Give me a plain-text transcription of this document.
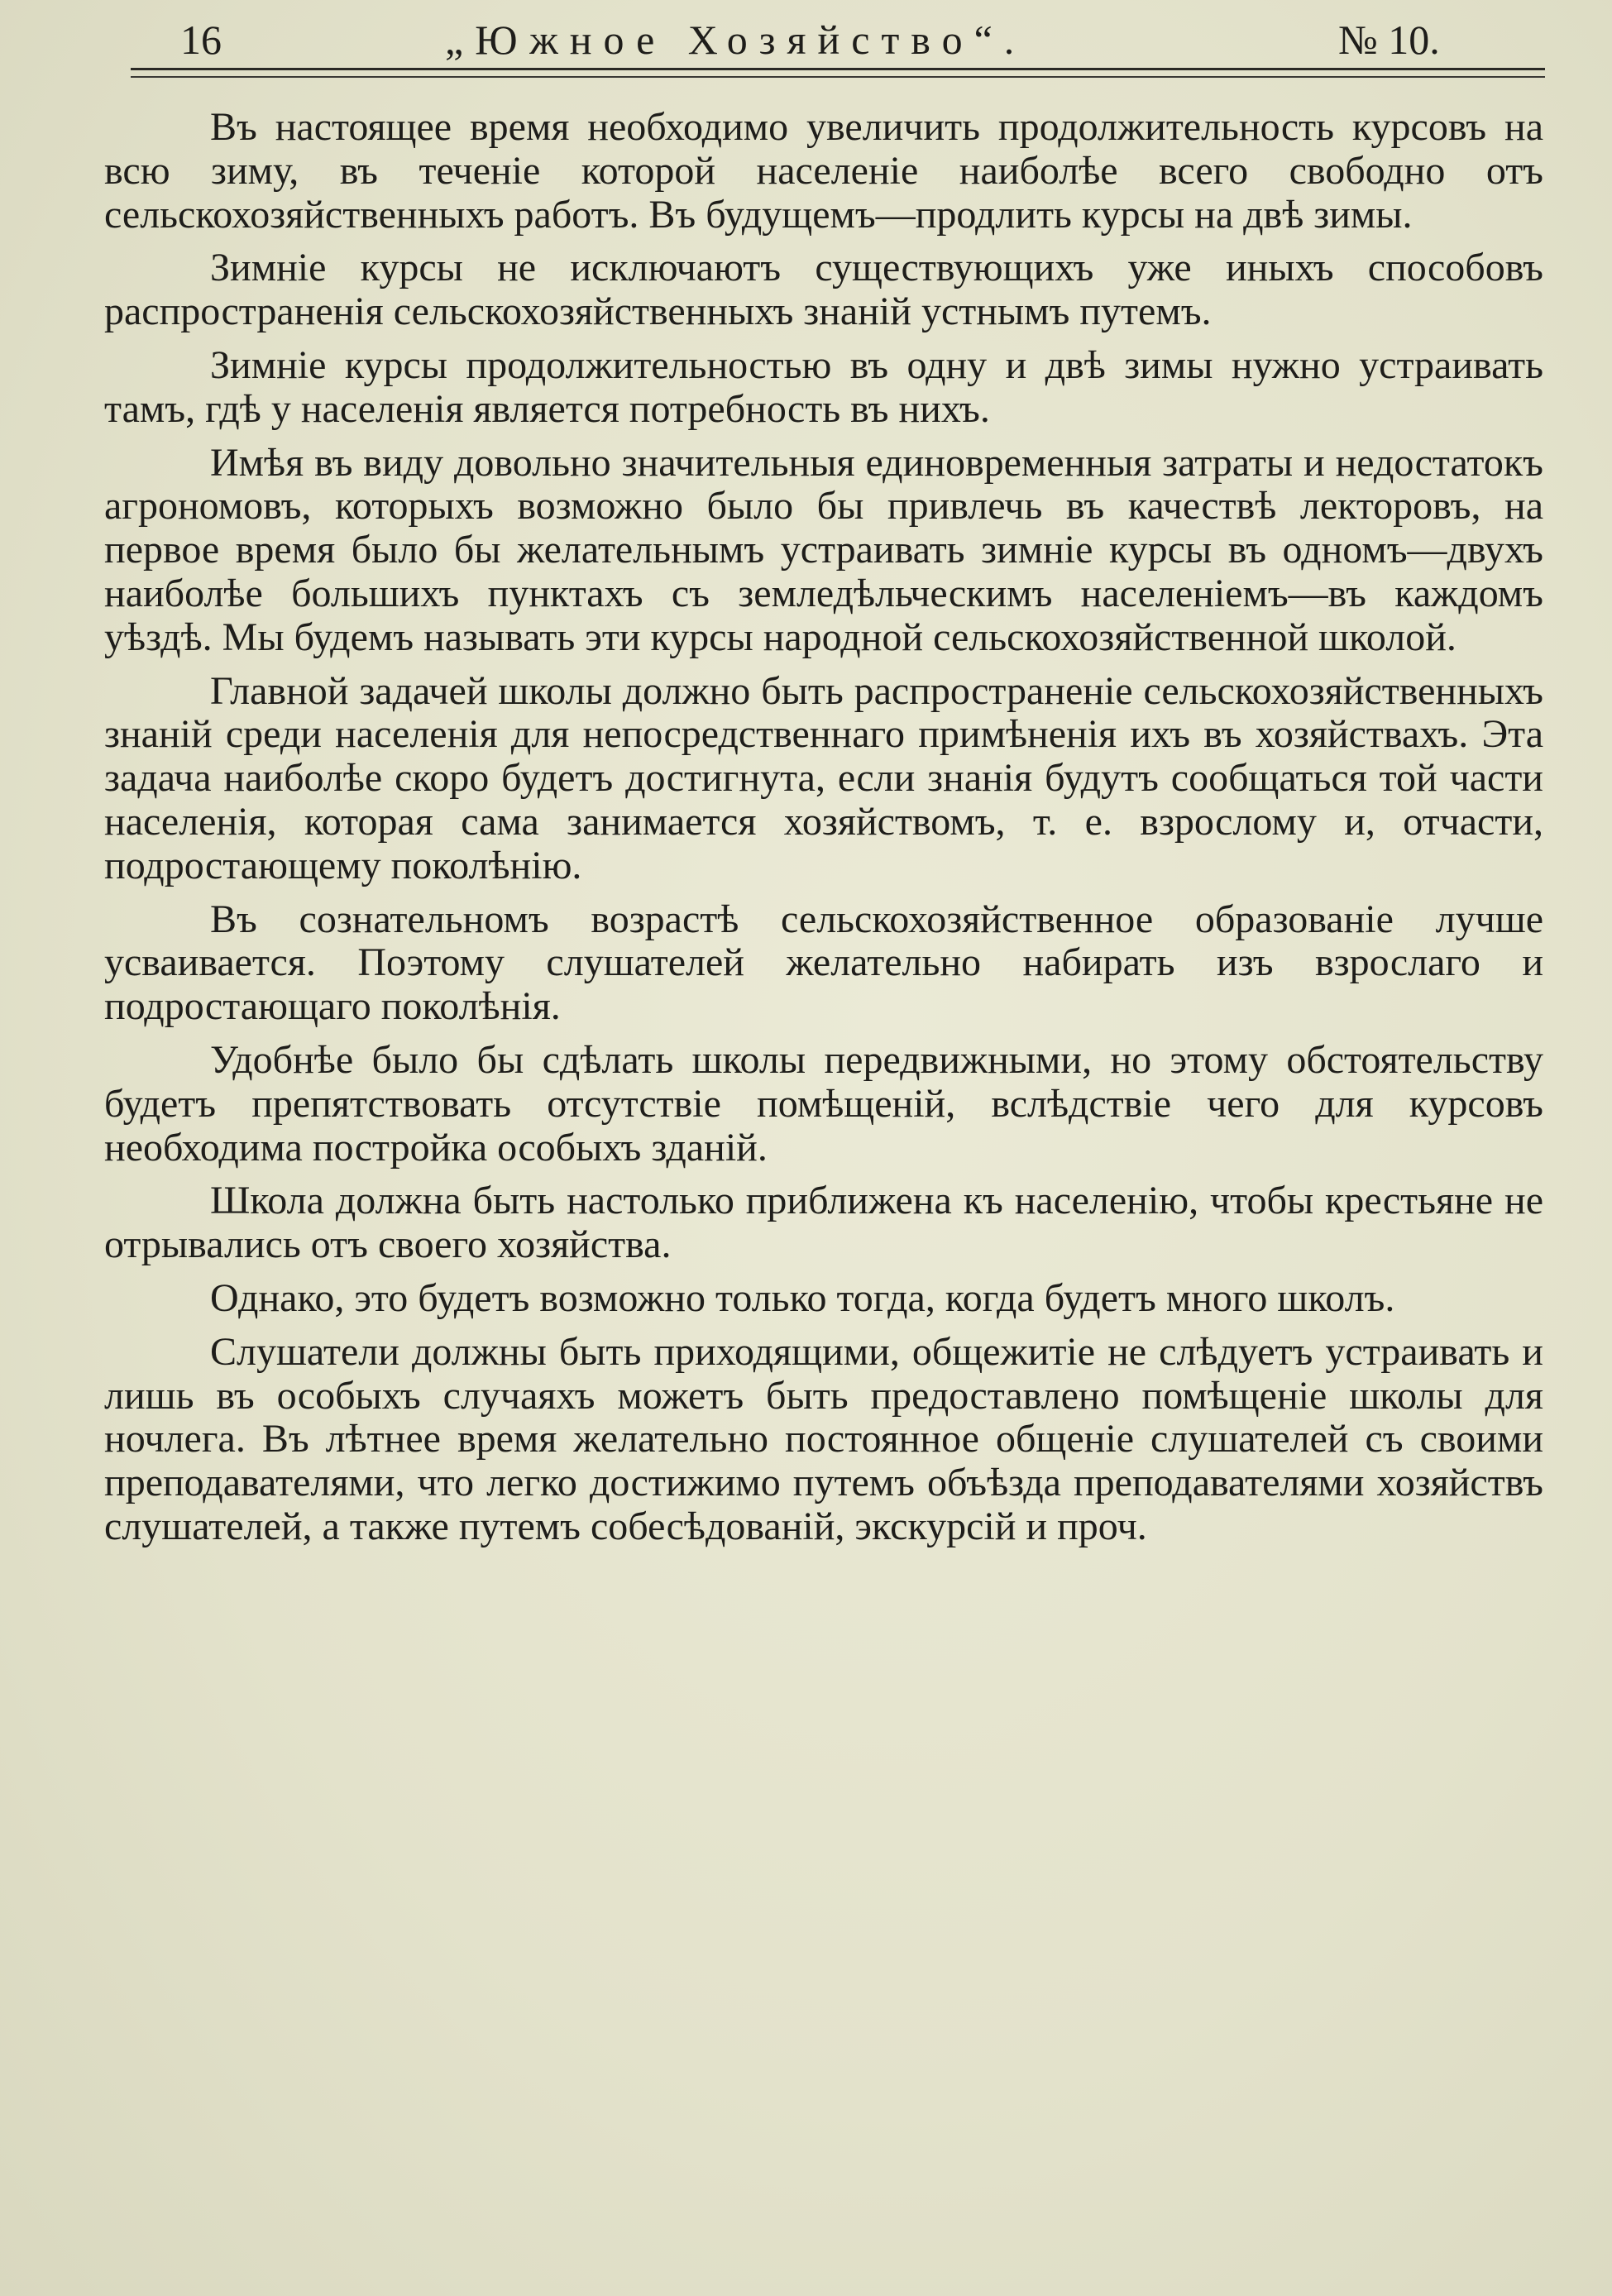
16	„Южное Хозяйство“.	№ 10.

Въ настоящее время необходимо увеличить продолжительность курсовъ на всю зиму, въ теченіе которой населеніе наиболѣе всего свободно отъ сельскохозяйственныхъ работъ. Въ будущемъ—продлить курсы на двѣ зимы.

Зимніе курсы не исключаютъ существующихъ уже иныхъ способовъ распространенія сельскохозяйственныхъ знаній устнымъ путемъ.

Зимніе курсы продолжительностью въ одну и двѣ зимы нужно устраивать тамъ, гдѣ у населенія является потребность въ нихъ.

Имѣя въ виду довольно значительныя единовременныя затраты и недостатокъ агрономовъ, которыхъ возможно было бы привлечь въ качествѣ лекторовъ, на первое время было бы желательнымъ устраивать зимніе курсы въ одномъ—двухъ наиболѣе большихъ пунктахъ съ земледѣльческимъ населеніемъ—въ каждомъ уѣздѣ. Мы будемъ называть эти курсы народной сельскохозяйственной школой.

Главной задачей школы должно быть распространеніе сельскохозяйственныхъ знаній среди населенія для непосредственнаго примѣненія ихъ въ хозяйствахъ. Эта задача наиболѣе скоро будетъ достигнута, если знанія будутъ сообщаться той части населенія, которая сама занимается хозяйствомъ, т. е. взрослому и, отчасти, подростающему поколѣнію.

Въ сознательномъ возрастѣ сельскохозяйственное образованіе лучше усваивается. Поэтому слушателей желательно набирать изъ взрослаго и подростающаго поколѣнія.

Удобнѣе было бы сдѣлать школы передвижными, но этому обстоятельству будетъ препятствовать отсутствіе помѣщеній, вслѣдствіе чего для курсовъ необходима постройка особыхъ зданій.

Школа должна быть настолько приближена къ населенію, чтобы крестьяне не отрывались отъ своего хозяйства.

Однако, это будетъ возможно только тогда, когда будетъ много школъ.

Слушатели должны быть приходящими, общежитіе не слѣдуетъ устраивать и лишь въ особыхъ случаяхъ можетъ быть предоставлено помѣщеніе школы для ночлега. Въ лѣтнее время желательно постоянное общеніе слушателей съ своими преподавателями, что легко достижимо путемъ объѣзда преподавателями хозяйствъ слушателей, а также путемъ собесѣдованій, экскурсій и проч.
